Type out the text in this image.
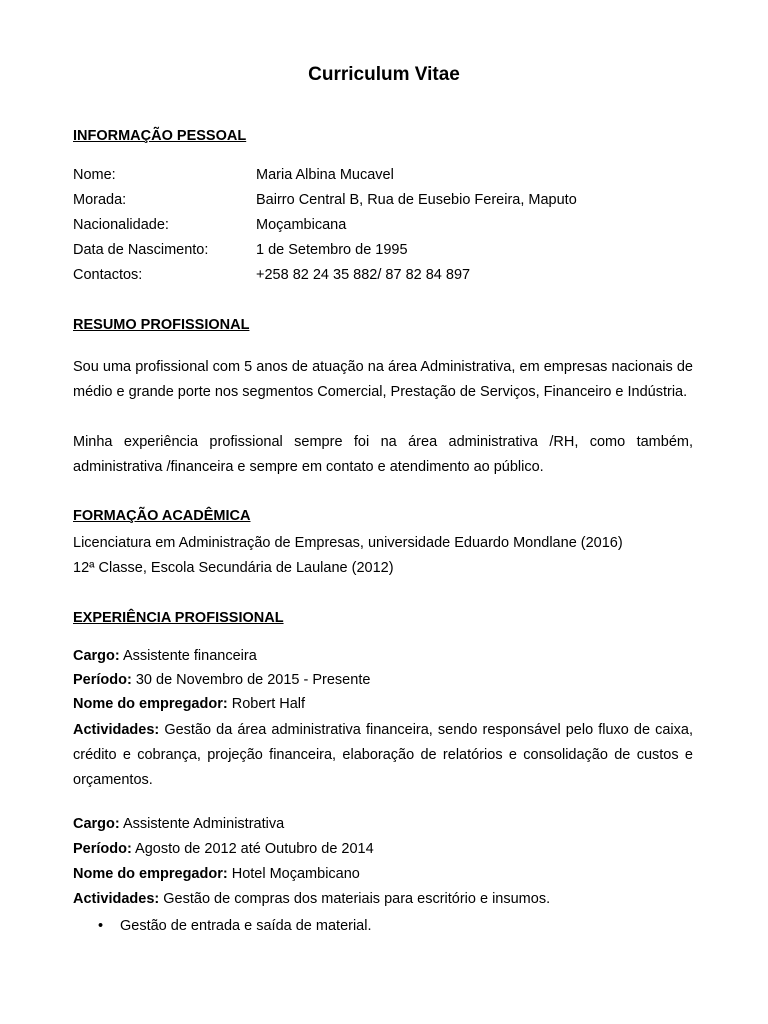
Curriculum Vitae
INFORMAÇÃO PESSOAL
Nome:	Maria Albina Mucavel
Morada:	Bairro Central B, Rua de Eusebio Fereira, Maputo
Nacionalidade:	Moçambicana
Data de Nascimento:	1 de Setembro de 1995
Contactos:	+258 82 24 35 882/ 87 82 84 897
RESUMO PROFISSIONAL
Sou uma profissional com 5 anos de atuação na área Administrativa, em empresas nacionais de médio e grande porte nos segmentos Comercial, Prestação de Serviços, Financeiro e Indústria.
Minha experiência profissional sempre foi na área administrativa /RH, como também, administrativa /financeira e sempre em contato e atendimento ao público.
FORMAÇÃO ACADÊMICA
Licenciatura em Administração de Empresas, universidade Eduardo Mondlane (2016)
12ª Classe, Escola Secundária de Laulane (2012)
EXPERIÊNCIA PROFISSIONAL
Cargo: Assistente financeira
Período: 30 de Novembro de 2015 - Presente
Nome do empregador: Robert Half
Actividades: Gestão da área administrativa financeira, sendo responsável pelo fluxo de caixa, crédito e cobrança, projeção financeira, elaboração de relatórios e consolidação de custos e orçamentos.
Cargo: Assistente Administrativa
Período: Agosto de 2012 até Outubro de 2014
Nome do empregador: Hotel Moçambicano
Actividades: Gestão de compras dos materiais para escritório e insumos.
• Gestão de entrada e saída de material.
